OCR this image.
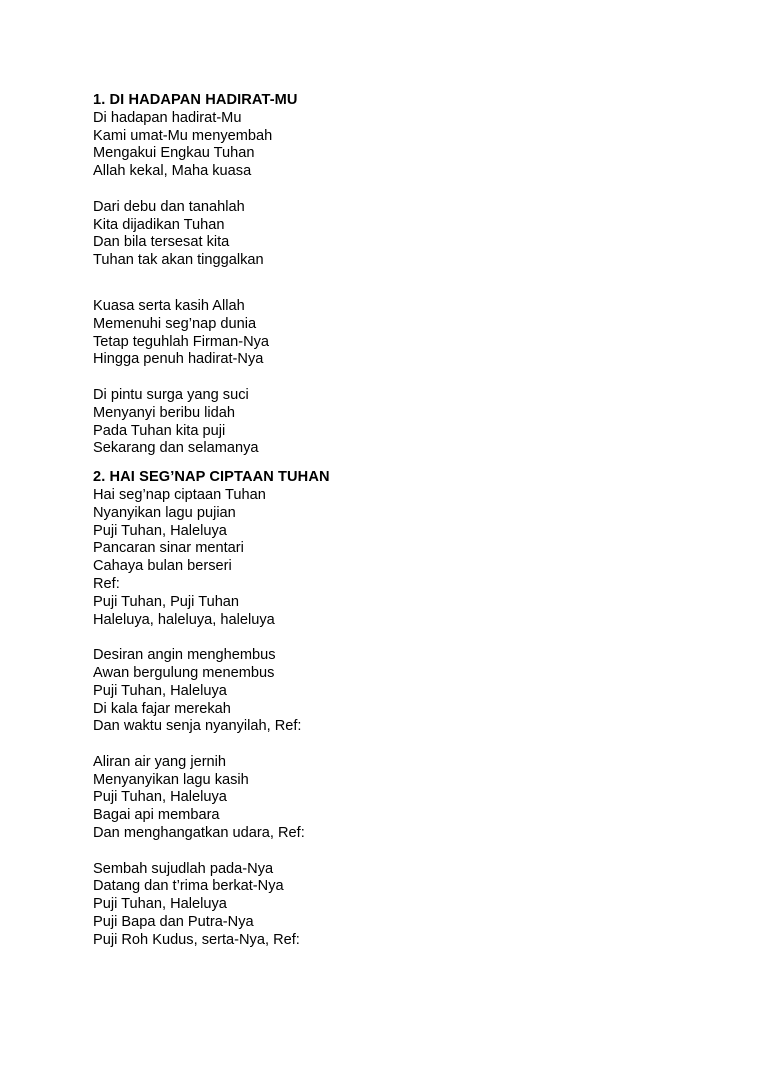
1. DI HADAPAN HADIRAT-MU
Di hadapan hadirat-Mu
Kami umat-Mu menyembah
Mengakui Engkau Tuhan
Allah kekal, Maha kuasa
Dari debu dan tanahlah
Kita dijadikan Tuhan
Dan bila tersesat kita
Tuhan tak akan tinggalkan
Kuasa serta kasih Allah
Memenuhi seg’nap dunia
Tetap teguhlah Firman-Nya
Hingga penuh hadirat-Nya
Di pintu surga yang suci
Menyanyi beribu lidah
Pada Tuhan kita puji
Sekarang dan selamanya
2. HAI SEG’NAP CIPTAAN TUHAN
Hai seg’nap ciptaan Tuhan
Nyanyikan lagu pujian
Puji Tuhan, Haleluya
Pancaran sinar mentari
Cahaya bulan berseri
Ref:
Puji Tuhan, Puji Tuhan
Haleluya, haleluya, haleluya
Desiran angin menghembus
Awan bergulung menembus
Puji Tuhan, Haleluya
Di kala fajar merekah
Dan waktu senja nyanyilah, Ref:
Aliran air yang jernih
Menyanyikan lagu kasih
Puji Tuhan, Haleluya
Bagai api membara
Dan menghangatkan udara, Ref:
Sembah sujudlah pada-Nya
Datang dan t’rima berkat-Nya
Puji Tuhan, Haleluya
Puji Bapa dan Putra-Nya
Puji Roh Kudus, serta-Nya, Ref:
